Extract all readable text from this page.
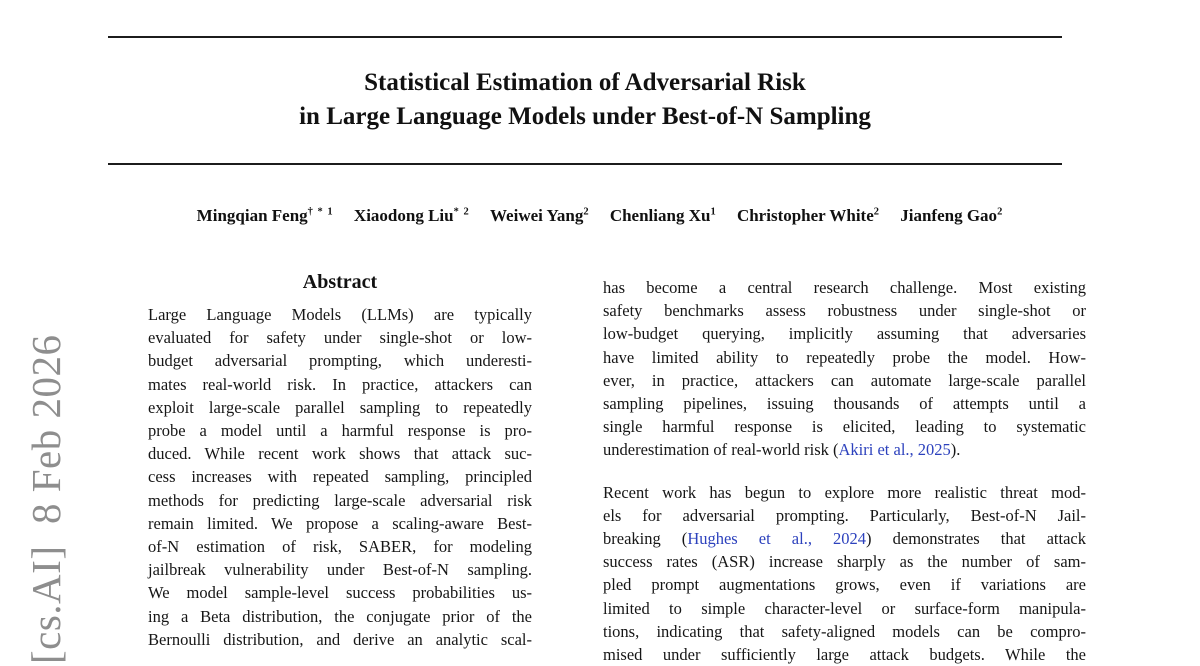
[cs.AI]  8 Feb 2026
Statistical Estimation of Adversarial Risk
in Large Language Models under Best-of-N Sampling
Mingqian Feng$^{\dagger * 1}$ Xiaodong Liu$^{* 2}$ Weiwei Yang$^2$ Chenliang Xu$^1$ Christopher White$^2$ Jianfeng Gao$^2$
Abstract
Large Language Models (LLMs) are typically
evaluated for safety under single-shot or low-
budget adversarial prompting, which underesti-
mates real-world risk. In practice, attackers can
exploit large-scale parallel sampling to repeatedly
probe a model until a harmful response is pro-
duced. While recent work shows that attack suc-
cess increases with repeated sampling, principled
methods for predicting large-scale adversarial risk
remain limited. We propose a scaling-aware Best-
of-N estimation of risk, SABER, for modeling
jailbreak vulnerability under Best-of-N sampling.
We model sample-level success probabilities us-
ing a Beta distribution, the conjugate prior of the
Bernoulli distribution, and derive an analytic scal-
has become a central research challenge. Most existing
safety benchmarks assess robustness under single-shot or
low-budget querying, implicitly assuming that adversaries
have limited ability to repeatedly probe the model. How-
ever, in practice, attackers can automate large-scale parallel
sampling pipelines, issuing thousands of attempts until a
single harmful response is elicited, leading to systematic
underestimation of real-world risk (Akiri et al., 2025).
Recent work has begun to explore more realistic threat mod-
els for adversarial prompting. Particularly, Best-of-N Jail-
breaking (Hughes et al., 2024) demonstrates that attack
success rates (ASR) increase sharply as the number of sam-
pled prompt augmentations grows, even if variations are
limited to simple character-level or surface-form manipula-
tions, indicating that safety-aligned models can be compro-
mised under sufficiently large attack budgets. While the
